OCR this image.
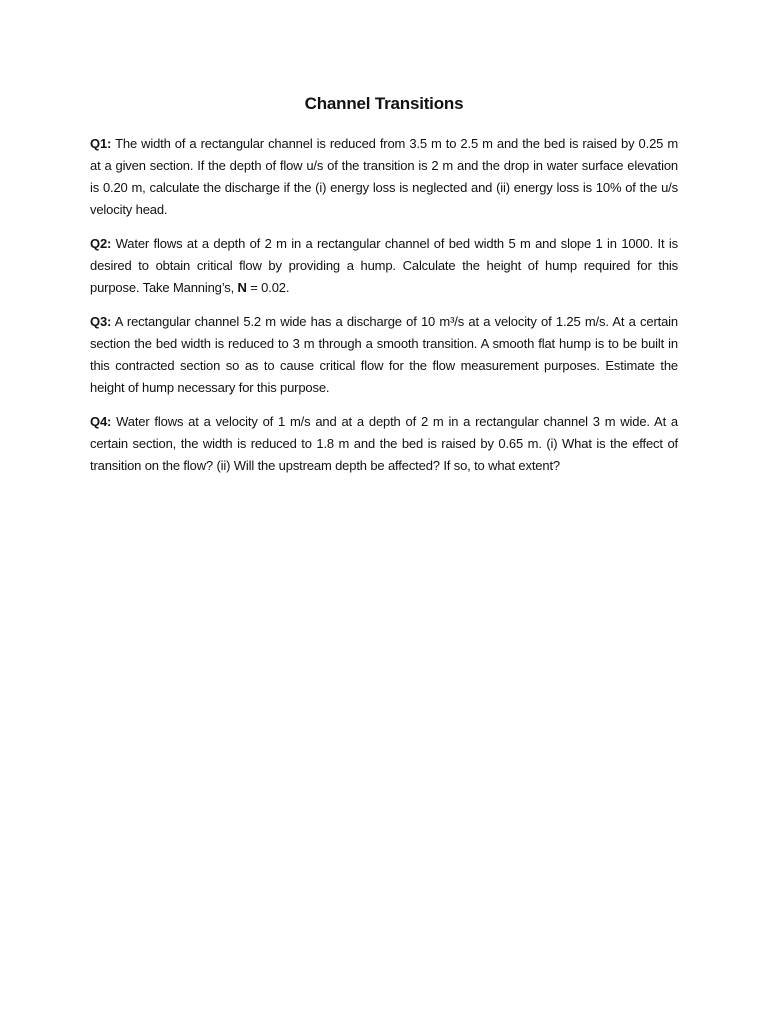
Channel Transitions

Q1: The width of a rectangular channel is reduced from 3.5 m to 2.5 m and the bed is raised by 0.25 m at a given section. If the depth of flow u/s of the transition is 2 m and the drop in water surface elevation is 0.20 m, calculate the discharge if the (i) energy loss is neglected and (ii) energy loss is 10% of the u/s velocity head.

Q2: Water flows at a depth of 2 m in a rectangular channel of bed width 5 m and slope 1 in 1000. It is desired to obtain critical flow by providing a hump. Calculate the height of hump required for this purpose. Take Manning’s, N = 0.02.

Q3: A rectangular channel 5.2 m wide has a discharge of 10 m³/s at a velocity of 1.25 m/s. At a certain section the bed width is reduced to 3 m through a smooth transition. A smooth flat hump is to be built in this contracted section so as to cause critical flow for the flow measurement purposes. Estimate the height of hump necessary for this purpose.

Q4: Water flows at a velocity of 1 m/s and at a depth of 2 m in a rectangular channel 3 m wide. At a certain section, the width is reduced to 1.8 m and the bed is raised by 0.65 m. (i) What is the effect of transition on the flow? (ii) Will the upstream depth be affected? If so, to what extent?
